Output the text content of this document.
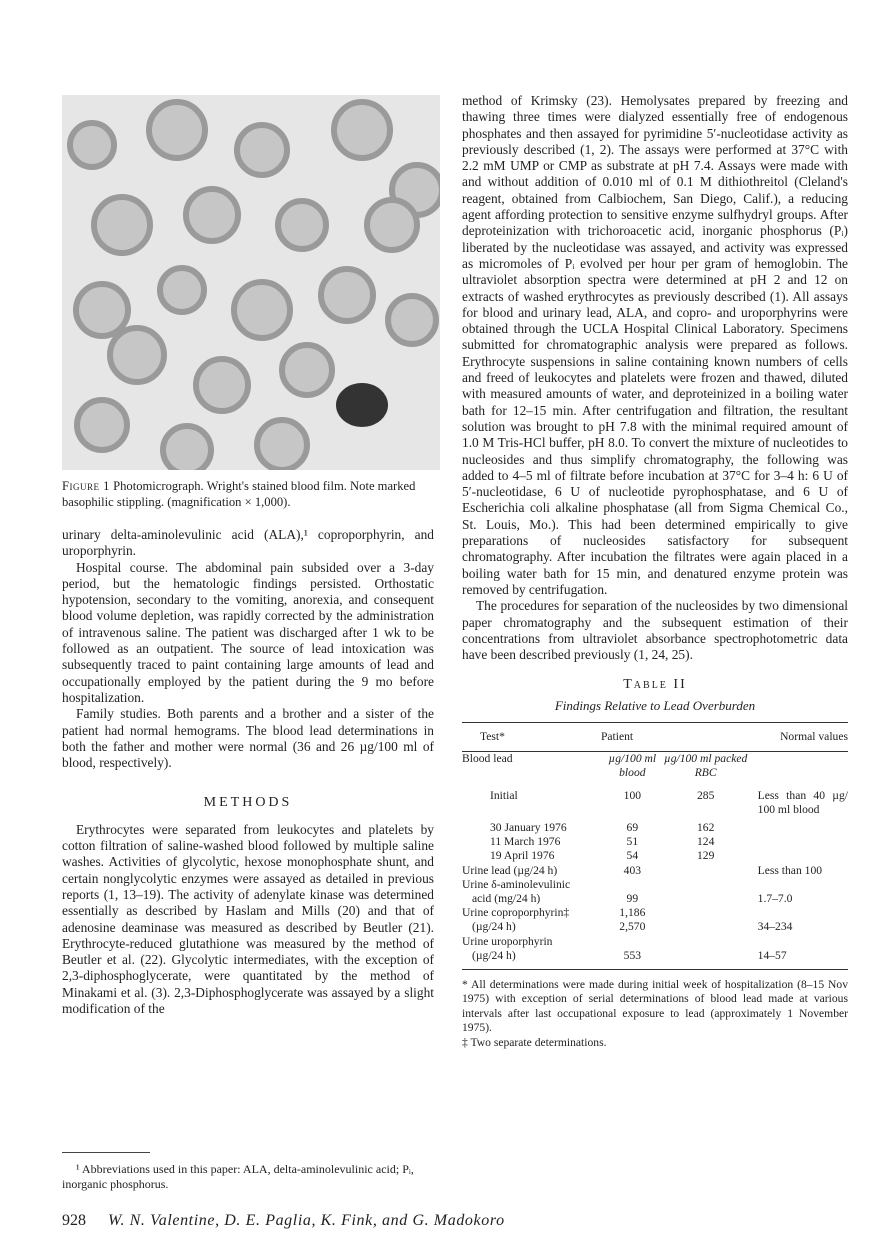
Figure 1 Photomicrograph. Wright's stained blood film. Note marked basophilic stippling. (magnification × 1,000).

urinary delta-aminolevulinic acid (ALA),¹ coproporphyrin, and uroporphyrin.

Hospital course. The abdominal pain subsided over a 3-day period, but the hematologic findings persisted. Orthostatic hypotension, secondary to the vomiting, anorexia, and consequent blood volume depletion, was rapidly corrected by the administration of intravenous saline. The patient was discharged after 1 wk to be followed as an outpatient. The source of lead intoxication was subsequently traced to paint containing large amounts of lead and occupationally employed by the patient during the 9 mo before hospitalization.

Family studies. Both parents and a brother and a sister of the patient had normal hemograms. The blood lead determinations in both the father and mother were normal (36 and 26 µg/100 ml of blood, respectively).

METHODS

Erythrocytes were separated from leukocytes and platelets by cotton filtration of saline-washed blood followed by multiple saline washes. Activities of glycolytic, hexose monophosphate shunt, and certain nonglycolytic enzymes were assayed as detailed in previous reports (1, 13–19). The activity of adenylate kinase was determined essentially as described by Haslam and Mills (20) and that of adenosine deaminase was measured as described by Beutler (21). Erythrocyte-reduced glutathione was measured by the method of Beutler et al. (22). Glycolytic intermediates, with the exception of 2,3-diphosphoglycerate, were quantitated by the method of Minakami et al. (3). 2,3-Diphosphoglycerate was assayed by a slight modification of the

¹ Abbreviations used in this paper: ALA, delta-aminolevulinic acid; Pᵢ, inorganic phosphorus.
928 W. N. Valentine, D. E. Paglia, K. Fink, and G. Madokoro

method of Krimsky (23). Hemolysates prepared by freezing and thawing three times were dialyzed essentially free of endogenous phosphates and then assayed for pyrimidine 5′-nucleotidase activity as previously described (1, 2). The assays were performed at 37°C with 2.2 mM UMP or CMP as substrate at pH 7.4. Assays were made with and without addition of 0.010 ml of 0.1 M dithiothreitol (Cleland's reagent, obtained from Calbiochem, San Diego, Calif.), a reducing agent affording protection to sensitive enzyme sulfhydryl groups. After deproteinization with trichoroacetic acid, inorganic phosphorus (Pᵢ) liberated by the nucleotidase was assayed, and activity was expressed as micromoles of Pᵢ evolved per hour per gram of hemoglobin. The ultraviolet absorption spectra were determined at pH 2 and 12 on extracts of washed erythrocytes as previously described (1). All assays for blood and urinary lead, ALA, and copro- and uroporphyrins were obtained through the UCLA Hospital Clinical Laboratory. Specimens submitted for chromatographic analysis were prepared as follows. Erythrocyte suspensions in saline containing known numbers of cells and freed of leukocytes and platelets were frozen and thawed, diluted with measured amounts of water, and deproteinized in a boiling water bath for 12–15 min. After centrifugation and filtration, the resultant solution was brought to pH 7.8 with the minimal required amount of 1.0 M Tris-HCl buffer, pH 8.0. To convert the mixture of nucleotides to nucleosides and thus simplify chromatography, the following was added to 4–5 ml of filtrate before incubation at 37°C for 3–4 h: 6 U of 5′-nucleotidase, 6 U of nucleotide pyrophosphatase, and 6 U of Escherichia coli alkaline phosphatase (all from Sigma Chemical Co., St. Louis, Mo.). This had been determined empirically to give preparations of nucleosides satisfactory for subsequent chromatography. After incubation the filtrates were again placed in a boiling water bath for 15 min, and denatured enzyme protein was removed by centrifugation.

The procedures for separation of the nucleosides by two dimensional paper chromatography and the subsequent estimation of their concentrations from ultraviolet absorbance spectrophotometric data have been described previously (1, 24, 25).

Table II
Findings Relative to Lead Overburden
Test*	Patient		Normal values
Blood lead	µg/100 ml blood	µg/100 ml packed RBC	
Initial	100	285	Less than 40 µg/ 100 ml blood
30 January 1976	69	162	
11 March 1976	51	124	
19 April 1976	54	129	
Urine lead (µg/24 h)	403		Less than 100
Urine δ-aminolevulinic			
acid (mg/24 h)	99		1.7–7.0
Urine coproporphyrin‡	1,186		
(µg/24 h)	2,570		34–234
Urine uroporphyrin			
(µg/24 h)	553		14–57
* All determinations were made during initial week of hospitalization (8–15 Nov 1975) with exception of serial determinations of blood lead made at various intervals after last occupational exposure to lead (approximately 1 November 1975).
‡ Two separate determinations.
